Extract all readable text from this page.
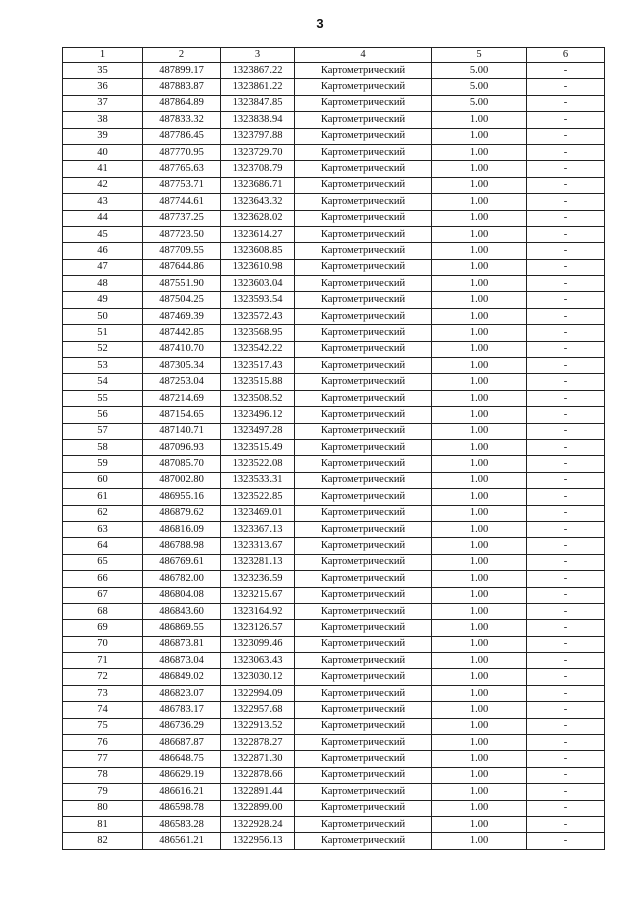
3
1	2	3	4	5	6
35	487899.17	1323867.22	Картометрический	5.00	-
36	487883.87	1323861.22	Картометрический	5.00	-
37	487864.89	1323847.85	Картометрический	5.00	-
38	487833.32	1323838.94	Картометрический	1.00	-
39	487786.45	1323797.88	Картометрический	1.00	-
40	487770.95	1323729.70	Картометрический	1.00	-
41	487765.63	1323708.79	Картометрический	1.00	-
42	487753.71	1323686.71	Картометрический	1.00	-
43	487744.61	1323643.32	Картометрический	1.00	-
44	487737.25	1323628.02	Картометрический	1.00	-
45	487723.50	1323614.27	Картометрический	1.00	-
46	487709.55	1323608.85	Картометрический	1.00	-
47	487644.86	1323610.98	Картометрический	1.00	-
48	487551.90	1323603.04	Картометрический	1.00	-
49	487504.25	1323593.54	Картометрический	1.00	-
50	487469.39	1323572.43	Картометрический	1.00	-
51	487442.85	1323568.95	Картометрический	1.00	-
52	487410.70	1323542.22	Картометрический	1.00	-
53	487305.34	1323517.43	Картометрический	1.00	-
54	487253.04	1323515.88	Картометрический	1.00	-
55	487214.69	1323508.52	Картометрический	1.00	-
56	487154.65	1323496.12	Картометрический	1.00	-
57	487140.71	1323497.28	Картометрический	1.00	-
58	487096.93	1323515.49	Картометрический	1.00	-
59	487085.70	1323522.08	Картометрический	1.00	-
60	487002.80	1323533.31	Картометрический	1.00	-
61	486955.16	1323522.85	Картометрический	1.00	-
62	486879.62	1323469.01	Картометрический	1.00	-
63	486816.09	1323367.13	Картометрический	1.00	-
64	486788.98	1323313.67	Картометрический	1.00	-
65	486769.61	1323281.13	Картометрический	1.00	-
66	486782.00	1323236.59	Картометрический	1.00	-
67	486804.08	1323215.67	Картометрический	1.00	-
68	486843.60	1323164.92	Картометрический	1.00	-
69	486869.55	1323126.57	Картометрический	1.00	-
70	486873.81	1323099.46	Картометрический	1.00	-
71	486873.04	1323063.43	Картометрический	1.00	-
72	486849.02	1323030.12	Картометрический	1.00	-
73	486823.07	1322994.09	Картометрический	1.00	-
74	486783.17	1322957.68	Картометрический	1.00	-
75	486736.29	1322913.52	Картометрический	1.00	-
76	486687.87	1322878.27	Картометрический	1.00	-
77	486648.75	1322871.30	Картометрический	1.00	-
78	486629.19	1322878.66	Картометрический	1.00	-
79	486616.21	1322891.44	Картометрический	1.00	-
80	486598.78	1322899.00	Картометрический	1.00	-
81	486583.28	1322928.24	Картометрический	1.00	-
82	486561.21	1322956.13	Картометрический	1.00	-
